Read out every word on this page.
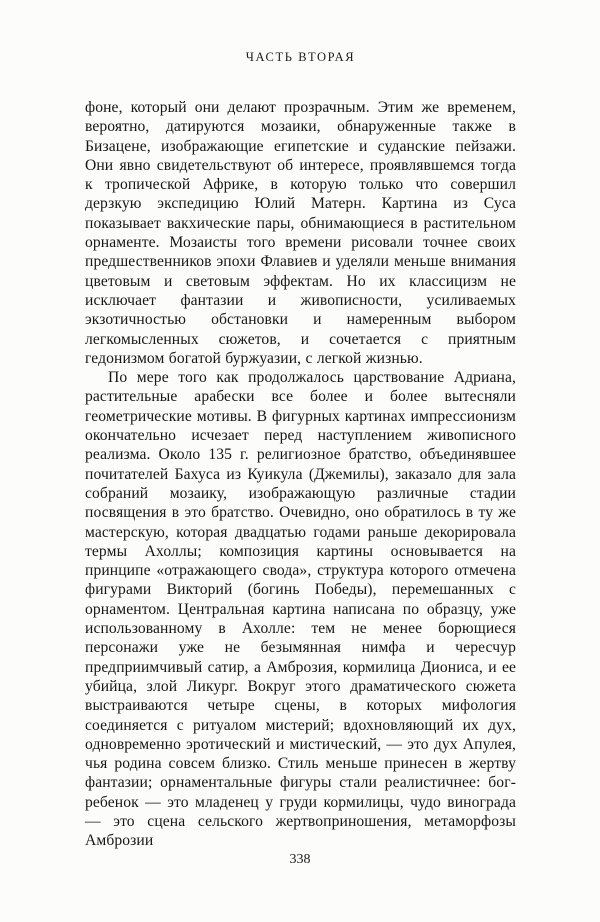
ЧАСТЬ ВТОРАЯ

фоне, который они делают прозрачным. Этим же временем, вероятно, датируются мозаики, обнаруженные также в Бизацене, изображающие египетские и суданские пейзажи. Они явно свидетельствуют об интересе, проявлявшемся тогда к тропической Африке, в которую только что совершил дерзкую экспедицию Юлий Матерн. Картина из Суса показывает вакхические пары, обнимающиеся в растительном орнаменте. Мозаисты того времени рисовали точнее своих предшественников эпохи Флавиев и уделяли меньше внимания цветовым и световым эффектам. Но их классицизм не исключает фантазии и живописности, усиливаемых экзотичностью обстановки и намеренным выбором легкомысленных сюжетов, и сочетается с приятным гедонизмом богатой буржуазии, с легкой жизнью.

По мере того как продолжалось царствование Адриана, растительные арабески все более и более вытесняли геометрические мотивы. В фигурных картинах импрессионизм окончательно исчезает перед наступлением живописного реализма. Около 135 г. религиозное братство, объединявшее почитателей Бахуса из Куикула (Джемилы), заказало для зала собраний мозаику, изображающую различные стадии посвящения в это братство. Очевидно, оно обратилось в ту же мастерскую, которая двадцатью годами раньше декорировала термы Ахоллы; композиция картины основывается на принципе «отражающего свода», структура которого отмечена фигурами Викторий (богинь Победы), перемешанных с орнаментом. Центральная картина написана по образцу, уже использованному в Ахолле: тем не менее борющиеся персонажи уже не безымянная нимфа и чересчур предприимчивый сатир, а Амброзия, кормилица Диониса, и ее убийца, злой Ликург. Вокруг этого драматического сюжета выстраиваются четыре сцены, в которых мифология соединяется с ритуалом мистерий; вдохновляющий их дух, одновременно эротический и мистический, — это дух Апулея, чья родина совсем близко. Стиль меньше принесен в жертву фантазии; орнаментальные фигуры стали реалистичнее: бог-ребенок — это младенец у груди кормилицы, чудо винограда — это сцена сельского жертвоприношения, метаморфозы Амброзии

338
